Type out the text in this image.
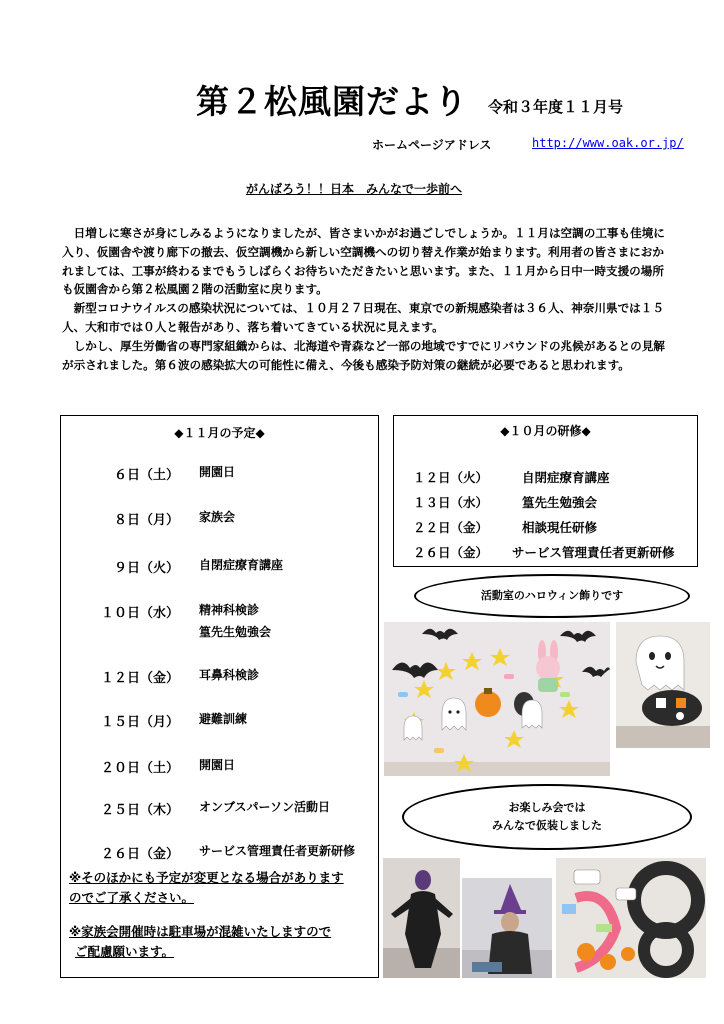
第２松風園だより 令和３年度１１月号
ホームページアドレス	http://www.oak.or.jp/
がんばろう！！日本　みんなで一歩前へ

日増しに寒さが身にしみるようになりましたが、皆さまいかがお過ごしでしょうか。１１月は空調の工事も佳境に入り、仮園舎や渡り廊下の撤去、仮空調機から新しい空調機への切り替え作業が始まります。利用者の皆さまにおかれましては、工事が終わるまでもうしばらくお待ちいただきたいと思います。また、１１月から日中一時支援の場所も仮園舎から第２松風園２階の活動室に戻ります。

新型コロナウイルスの感染状況については、１０月２７日現在、東京での新規感染者は３６人、神奈川県では１５人、大和市では０人と報告があり、落ち着いてきている状況に見えます。

しかし、厚生労働省の専門家組織からは、北海道や青森など一部の地域ですでにリバウンドの兆候があるとの見解が示されました。第６波の感染拡大の可能性に備え、今後も感染予防対策の継続が必要であると思われます。

◆１１月の予定◆
６日（土） 開園日
８日（月） 家族会
９日（火） 自閉症療育講座
１０日（水） 精神科検診
篁先生勉強会
１２日（金） 耳鼻科検診
１５日（月） 避難訓練
２０日（土） 開園日
２５日（木） オンブスパーソン活動日
２６日（金） サービス管理責任者更新研修
※そのほかにも予定が変更となる場合があります
のでご了承ください。
※家族会開催時は駐車場が混雑いたしますので
ご配慮願います。
◆１０月の研修◆
１２日（火）	自閉症療育講座
１３日（水）	篁先生勉強会
２２日（金）	相談現任研修
２６日（金） サービス管理責任者更新研修
活動室のハロウィン飾りです
お楽しみ会では
みんなで仮装しました
